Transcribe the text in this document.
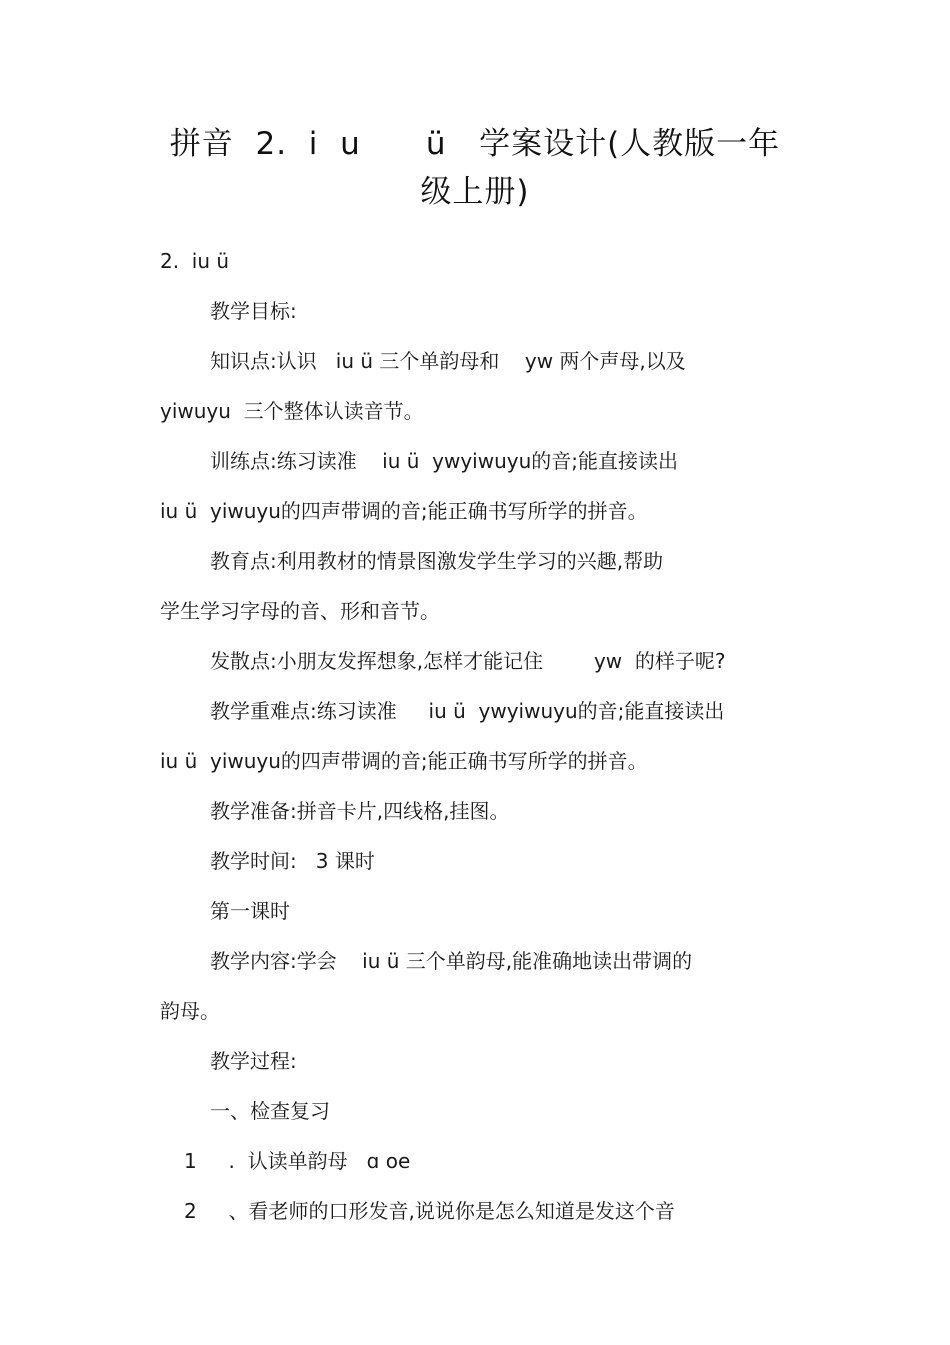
拼音  2.  i  u      ü   学案设计(人教版一年
级上册)
2.  iu ü
教学目标:
知识点:认识   iu ü 三个单韵母和    yw 两个声母,以及
yiwuyu  三个整体认读音节。
训练点:练习读准    iu ü  ywyiwuyu的音;能直接读出
iu ü  yiwuyu的四声带调的音;能正确书写所学的拼音。
教育点:利用教材的情景图激发学生学习的兴趣,帮助
学生学习字母的音、形和音节。
发散点:小朋友发挥想象,怎样才能记住        yw  的样子呢?
教学重难点:练习读准     iu ü  ywyiwuyu的音;能直接读出
iu ü  yiwuyu的四声带调的音;能正确书写所学的拼音。
教学准备:拼音卡片,四线格,挂图。
教学时间:   3 课时
第一课时
教学内容:学会    iu ü 三个单韵母,能准确地读出带调的
韵母。
教学过程:
一、检查复习
1     .  认读单韵母   ɑ oe
2     、看老师的口形发音,说说你是怎么知道是发这个音
